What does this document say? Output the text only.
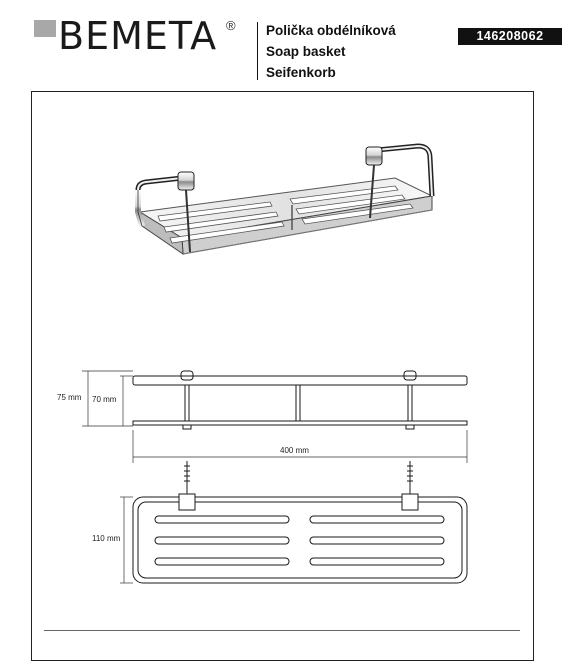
BEMETA ® Polička obdélníková
Soap basket
Seifenkorb
146208062
75 mm 70 mm
400 mm
110 mm
